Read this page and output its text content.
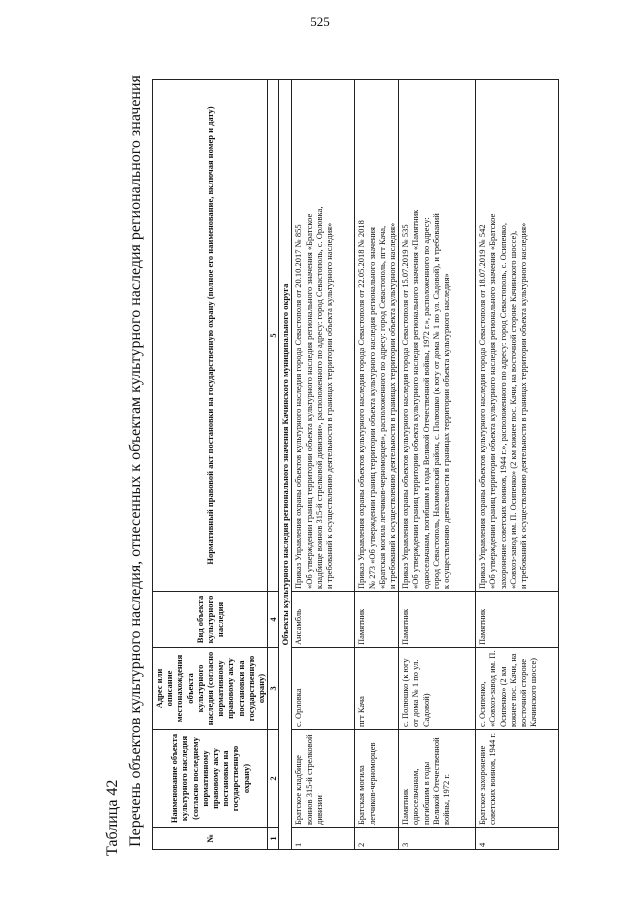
525
Таблица 42 Перечень объектов культурного наследия, отнесенных к объектам культурного наследия регионального значения	№	Наименование объекта культурного наследия (согласно последнему нормативному правовому акту постановки на государственную охрану)	Адрес или описание местонахождения объекта культурного наследия (согласно нормативному правовому акту постановки на государственную охрану)	Вид объекта культурного наследия	Нормативный правовой акт постановки на государственную охрану (полное его наименование, включая номер и дату)
1	2	3	4	5
Объекты культурного наследия регионального значения Качинского муниципального округа				
1	Братское кладбище воинов 315-й стрелковой дивизии	с. Орловка	Ансамбль	Приказ Управления охраны объектов культурного наследия города Севастополя от 20.10.2017 № 855 «Об утверждении границ территории объекта культурного наследия регионального значения «Братское кладбище воинов 315-й стрелковой дивизии», расположенного по адресу: город Севастополь, с. Орловка, и требований к осуществлению деятельности в границах территории объекта культурного наследия»

2	Братская могила летчиков-черноморцев	пгт Кача	Памятник	Приказ Управления охраны объектов культурного наследия города Севастополя от 22.05.2018 № 2018 № 273 «Об утверждении границ территории объекта культурного наследия регионального значения «Братская могила летчиков-черноморцев», расположенного по адресу: город Севастополь, пгт Кача, и требований к осуществлению деятельности в границах территории объекта культурного наследия»

3	Памятник односельчанам, погибшим в годы Великой Отечественной войны, 1972 г.	с. Полюшко (к югу от дома № 1 по ул. Садовой)	Памятник	Приказ Управления охраны объектов культурного наследия города Севастополя от 15.07.2019 № 535 «Об утверждении границ территории объекта культурного наследия регионального значения «Памятник односельчанам, погибшим в годы Великой Отечественной войны, 1972 г.», расположенного по адресу: город Севастополь, Нахимовский район, с. Полюшко (к югу от дома № 1 по ул. Садовой), и требований к осуществлению деятельности в границах территории объекта культурного наследия»

4	Братское захоронение советских воинов, 1944 г.	с. Осипенко, «Совхоз-завод им. П. Осипенко» (2 км южнее пос. Качи, на восточной стороне Качинского шоссе)	Памятник	Приказ Управления охраны объектов культурного наследия города Севастополя от 18.07.2019 № 542 «Об утверждении границ территории объекта культурного наследия регионального значения «Братское захоронение советских воинов, 1944 г.», расположенного по адресу: город Севастополь, с. Осипенко, «Совхоз-завод им. П. Осипенко» (2 км южнее пос. Качи, на восточной стороне Качинского шоссе), и требований к осуществлению деятельности в границах территории объекта культурного наследия»
